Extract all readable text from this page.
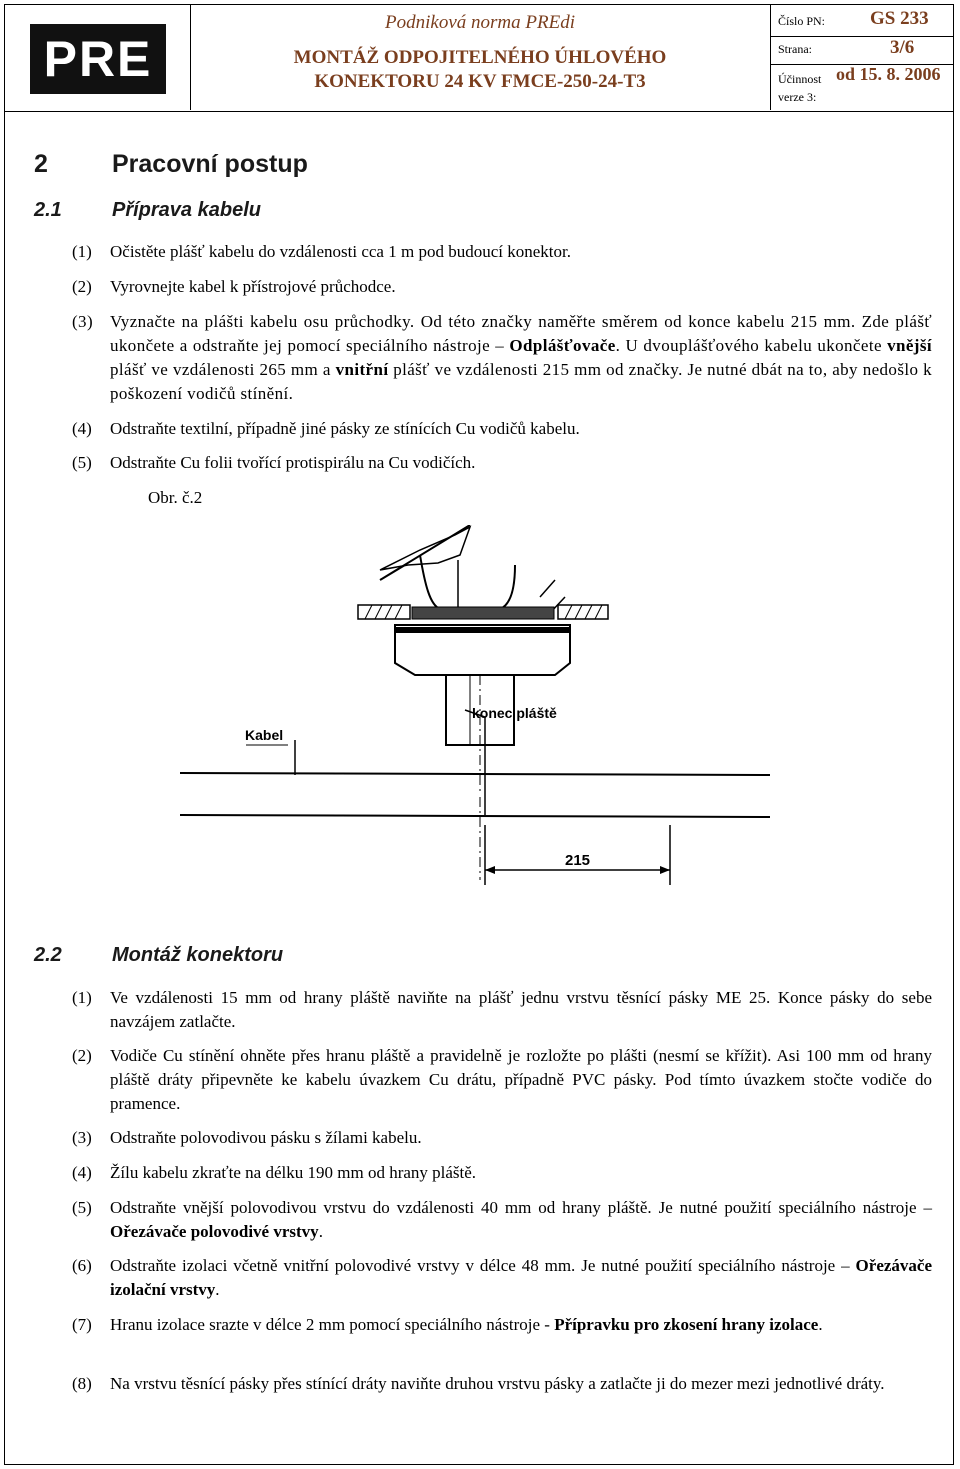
PRE
Podniková norma PREdi
MONTÁŽ ODPOJITELNÉHO ÚHLOVÉHO
KONEKTORU 24 KV FMCE-250-24-T3
Číslo PN: GS 233
Strana:	3/6
Účinnost od 15. 8. 2006
verze 3:
2	Pracovní postup
2.1	Příprava kabelu
(1) Očistěte plášť kabelu do vzdálenosti cca 1 m pod budoucí konektor.
(2) Vyrovnejte kabel k přístrojové průchodce.
(3) Vyznačte na plášti kabelu osu průchodky. Od této značky naměřte směrem od konce kabelu 215 mm. Zde plášť ukončete a odstraňte jej pomocí speciálního nástroje – Odplášťovače. U dvouplášťového kabelu ukončete vnější plášť ve vzdálenosti 265 mm a vnitřní plášť ve vzdálenosti 215 mm od značky. Je nutné dbát na to, aby nedošlo k poškození vodičů stínění.
(4) Odstraňte textilní, případně jiné pásky ze stínících Cu vodičů kabelu.
(5) Odstraňte Cu folii tvořící protispirálu na Cu vodičích.
Obr. č.2
Kabel
konec pláště
215
2.2	Montáž konektoru
(1) Ve vzdálenosti 15 mm od hrany pláště naviňte na plášť jednu vrstvu těsnící pásky ME 25. Konce pásky do sebe navzájem zatlačte.
(2) Vodiče Cu stínění ohněte přes hranu pláště a pravidelně je rozložte po plášti (nesmí se křížit). Asi 100 mm od hrany pláště dráty připevněte ke kabelu úvazkem Cu drátu, případně PVC pásky. Pod tímto úvazkem stočte vodiče do pramence.
(3) Odstraňte polovodivou pásku s žílami kabelu.
(4) Žílu kabelu zkraťte na délku 190 mm od hrany pláště.
(5) Odstraňte vnější polovodivou vrstvu do vzdálenosti 40 mm od hrany pláště. Je nutné použití speciálního nástroje – Ořezávače polovodivé vrstvy.
(6) Odstraňte izolaci včetně vnitřní polovodivé vrstvy v délce 48 mm. Je nutné použití speciálního nástroje – Ořezávače izolační vrstvy.
(7) Hranu izolace srazte v délce 2 mm pomocí speciálního nástroje - Přípravku pro zkosení hrany izolace.
(8) Na vrstvu těsnící pásky přes stínící dráty naviňte druhou vrstvu pásky a zatlačte ji do mezer mezi jednotlivé dráty.
